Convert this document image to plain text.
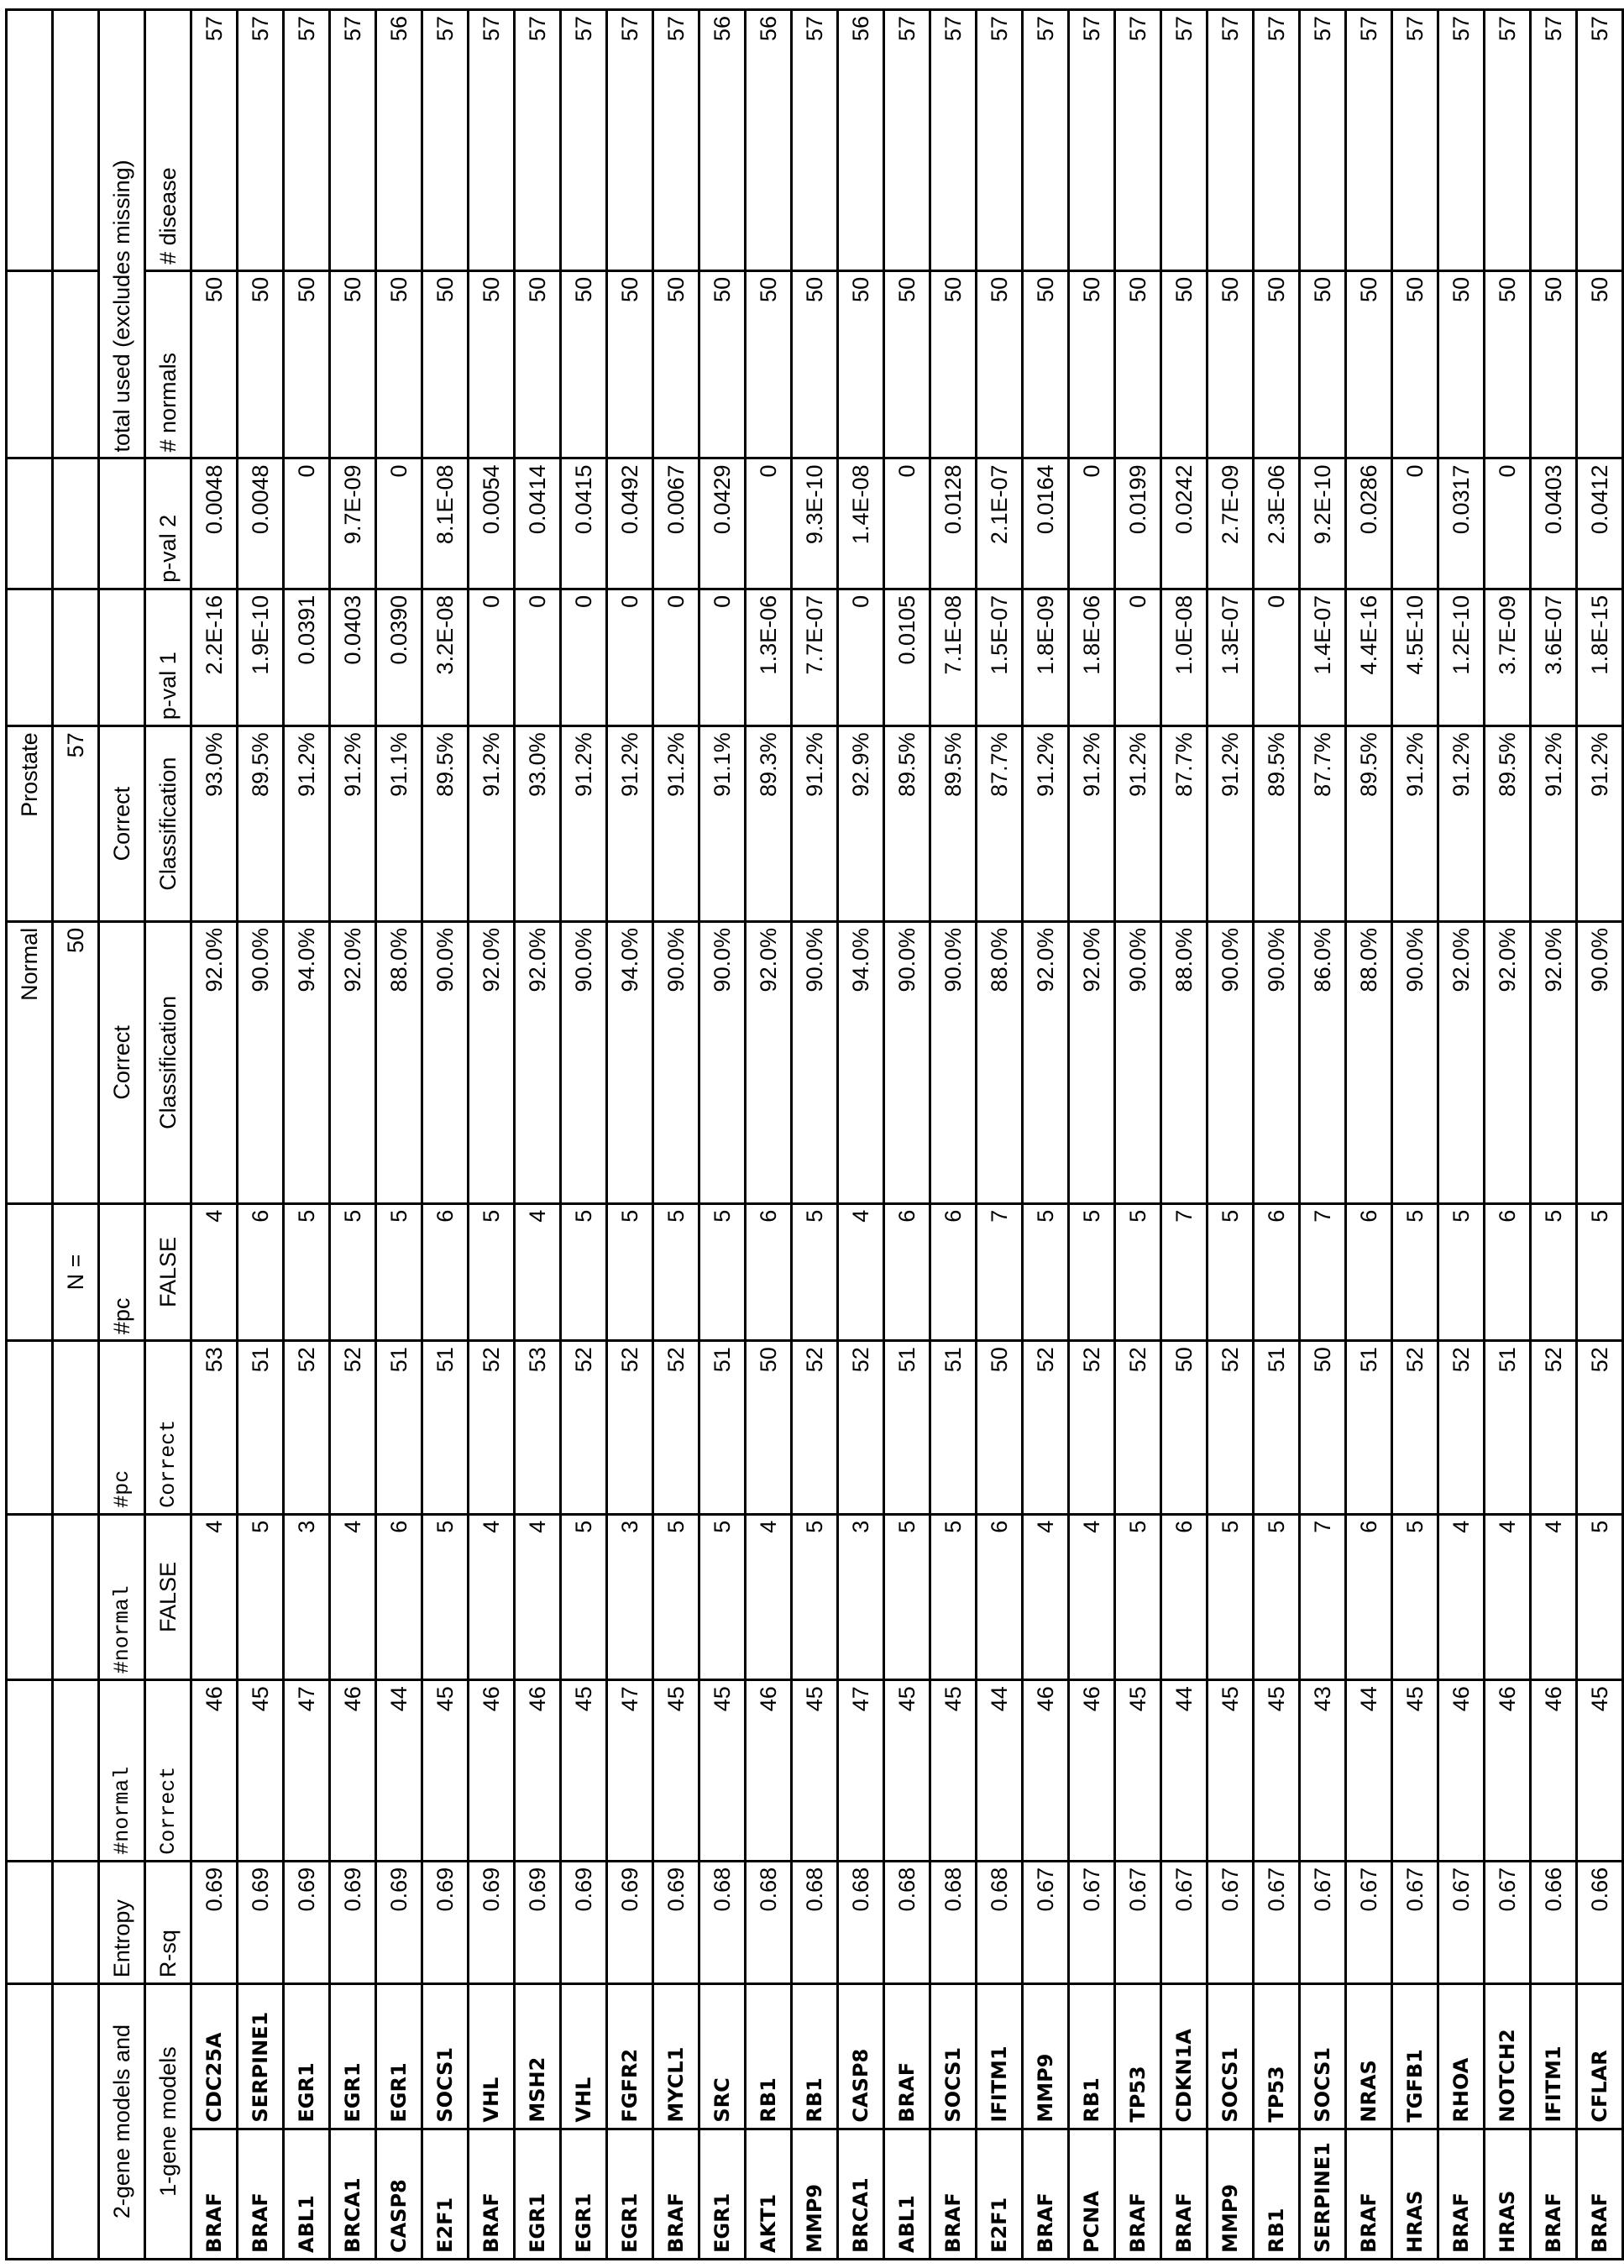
						Normal	Prostate				
					N =	50	57				
2-gene models and	Entropy	#normal	#normal	#pc	#pc	Correct	Correct			total used (excludes missing)
1-gene models	R-sq	Correct	FALSE	Correct	FALSE	Classification	Classification	p-val 1	p-val 2	# normals	# disease
BRAF	CDC25A	0.69	46	4	53	4	92.0%	93.0%	2.2E-16	0.0048	50	57
BRAF	SERPINE1	0.69	45	5	51	6	90.0%	89.5%	1.9E-10	0.0048	50	57
ABL1	EGR1	0.69	47	3	52	5	94.0%	91.2%	0.0391	0	50	57
BRCA1	EGR1	0.69	46	4	52	5	92.0%	91.2%	0.0403	9.7E-09	50	57
CASP8	EGR1	0.69	44	6	51	5	88.0%	91.1%	0.0390	0	50	56
E2F1	SOCS1	0.69	45	5	51	6	90.0%	89.5%	3.2E-08	8.1E-08	50	57
BRAF	VHL	0.69	46	4	52	5	92.0%	91.2%	0	0.0054	50	57
EGR1	MSH2	0.69	46	4	53	4	92.0%	93.0%	0	0.0414	50	57
EGR1	VHL	0.69	45	5	52	5	90.0%	91.2%	0	0.0415	50	57
EGR1	FGFR2	0.69	47	3	52	5	94.0%	91.2%	0	0.0492	50	57
BRAF	MYCL1	0.69	45	5	52	5	90.0%	91.2%	0	0.0067	50	57
EGR1	SRC	0.68	45	5	51	5	90.0%	91.1%	0	0.0429	50	56
AKT1	RB1	0.68	46	4	50	6	92.0%	89.3%	1.3E-06	0	50	56
MMP9	RB1	0.68	45	5	52	5	90.0%	91.2%	7.7E-07	9.3E-10	50	57
BRCA1	CASP8	0.68	47	3	52	4	94.0%	92.9%	0	1.4E-08	50	56
ABL1	BRAF	0.68	45	5	51	6	90.0%	89.5%	0.0105	0	50	57
BRAF	SOCS1	0.68	45	5	51	6	90.0%	89.5%	7.1E-08	0.0128	50	57
E2F1	IFITM1	0.68	44	6	50	7	88.0%	87.7%	1.5E-07	2.1E-07	50	57
BRAF	MMP9	0.67	46	4	52	5	92.0%	91.2%	1.8E-09	0.0164	50	57
PCNA	RB1	0.67	46	4	52	5	92.0%	91.2%	1.8E-06	0	50	57
BRAF	TP53	0.67	45	5	52	5	90.0%	91.2%	0	0.0199	50	57
BRAF	CDKN1A	0.67	44	6	50	7	88.0%	87.7%	1.0E-08	0.0242	50	57
MMP9	SOCS1	0.67	45	5	52	5	90.0%	91.2%	1.3E-07	2.7E-09	50	57
RB1	TP53	0.67	45	5	51	6	90.0%	89.5%	0	2.3E-06	50	57
SERPINE1	SOCS1	0.67	43	7	50	7	86.0%	87.7%	1.4E-07	9.2E-10	50	57
BRAF	NRAS	0.67	44	6	51	6	88.0%	89.5%	4.4E-16	0.0286	50	57
HRAS	TGFB1	0.67	45	5	52	5	90.0%	91.2%	4.5E-10	0	50	57
BRAF	RHOA	0.67	46	4	52	5	92.0%	91.2%	1.2E-10	0.0317	50	57
HRAS	NOTCH2	0.67	46	4	51	6	92.0%	89.5%	3.7E-09	0	50	57
BRAF	IFITM1	0.66	46	4	52	5	92.0%	91.2%	3.6E-07	0.0403	50	57
BRAF	CFLAR	0.66	45	5	52	5	90.0%	91.2%	1.8E-15	0.0412	50	57
